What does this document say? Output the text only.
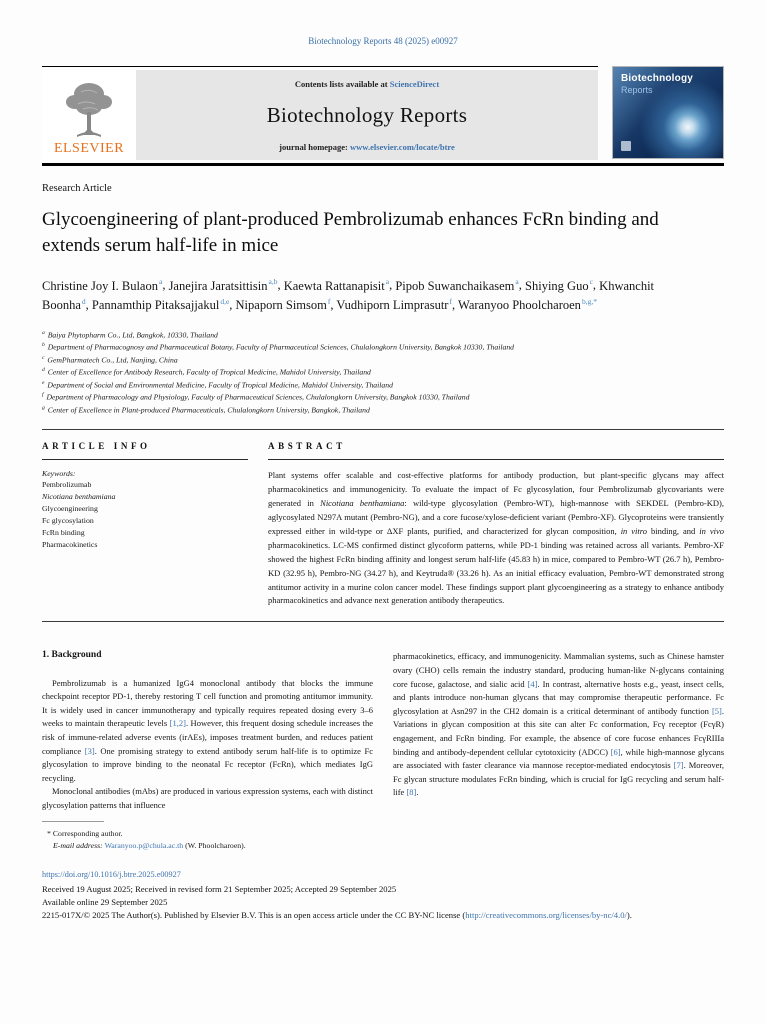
Biotechnology Reports 48 (2025) e00927
ELSEVIER
Contents lists available at ScienceDirect
Biotechnology Reports
journal homepage: www.elsevier.com/locate/btre
Biotechnology
Reports
Research Article
Glycoengineering of plant-produced Pembrolizumab enhances FcRn binding and extends serum half-life in mice
Christine Joy I. Bulaon$^a$, Janejira Jaratsittisin$^{a,b}$, Kaewta Rattanapisit$^a$, Pipob Suwanchaikasem$^a$, Shiying Guo$^c$, Khwanchit Boonha$^d$, Pannamthip Pitaksajjakul$^{d,e}$, Nipaporn Simsom$^f$, Vudhiporn Limprasutr$^f$, Waranyoo Phoolcharoen$^{b,g,*}$
$^a$ Baiya Phytopharm Co., Ltd, Bangkok, 10330, Thailand
$^b$ Department of Pharmacognosy and Pharmaceutical Botany, Faculty of Pharmaceutical Sciences, Chulalongkorn University, Bangkok 10330, Thailand
$^c$ GemPharmatech Co., Ltd, Nanjing, China
$^d$ Center of Excellence for Antibody Research, Faculty of Tropical Medicine, Mahidol University, Thailand
$^e$ Department of Social and Environmental Medicine, Faculty of Tropical Medicine, Mahidol University, Thailand
$^f$ Department of Pharmacology and Physiology, Faculty of Pharmaceutical Sciences, Chulalongkorn University, Bangkok 10330, Thailand
$^g$ Center of Excellence in Plant-produced Pharmaceuticals, Chulalongkorn University, Bangkok, Thailand
ARTICLE INFO
Keywords:
Pembrolizumab
Nicotiana benthamiana
Glycoengineering
Fc glycosylation
FcRn binding
Pharmacokinetics
ABSTRACT
Plant systems offer scalable and cost-effective platforms for antibody production, but plant-specific glycans may affect pharmacokinetics and immunogenicity. To evaluate the impact of Fc glycosylation, four Pembrolizumab glycovariants were generated in Nicotiana benthamiana: wild-type glycosylation (Pembro-WT), high-mannose with SEKDEL (Pembro-KD), aglycosylated N297A mutant (Pembro-NG), and a core fucose/xylose-deficient variant (Pembro-XF). Glycoproteins were transiently expressed either in wild-type or ΔXF plants, purified, and characterized for glycan composition, in vitro binding, and in vivo pharmacokinetics. LC-MS confirmed distinct glycoform patterns, while PD-1 binding was retained across all variants. Pembro-XF showed the highest FcRn binding affinity and longest serum half-life (45.83 h) in mice, compared to Pembro-WT (26.7 h), Pembro-KD (32.95 h), Pembro-NG (34.27 h), and Keytruda® (33.26 h). As an initial efficacy evaluation, Pembro-WT demonstrated strong antitumor activity in a murine colon cancer model. These findings support plant glycoengineering as a strategy to enhance antibody pharmacokinetics and advance next generation antibody therapeutics.
1. Background

Pembrolizumab is a humanized IgG4 monoclonal antibody that blocks the immune checkpoint receptor PD-1, thereby restoring T cell function and promoting antitumor immunity. It is widely used in cancer immunotherapy and typically requires repeated dosing every 3–6 weeks to maintain therapeutic levels [1,2]. However, this frequent dosing schedule increases the risk of immune-related adverse events (irAEs), imposes treatment burden, and reduces patient compliance [3]. One promising strategy to extend antibody serum half-life is to optimize Fc glycosylation to improve binding to the neonatal Fc receptor (FcRn), which mediates IgG recycling.

Monoclonal antibodies (mAbs) are produced in various expression systems, each with distinct glycosylation patterns that influence

pharmacokinetics, efficacy, and immunogenicity. Mammalian systems, such as Chinese hamster ovary (CHO) cells remain the industry standard, producing human-like N-glycans containing core fucose, galactose, and sialic acid [4]. In contrast, alternative hosts e.g., yeast, insect cells, and plants introduce non-human glycans that may compromise therapeutic performance. Fc glycosylation at Asn297 in the CH2 domain is a critical determinant of antibody function [5]. Variations in glycan composition at this site can alter Fc conformation, Fcγ receptor (FcγR) engagement, and FcRn binding. For example, the absence of core fucose enhances FcγRIIIa binding and antibody-dependent cellular cytotoxicity (ADCC) [6], while high-mannose glycans are associated with faster clearance via mannose receptor-mediated endocytosis [7]. Moreover, Fc glycan structure modulates FcRn binding, which is crucial for IgG recycling and serum half-life [8].

* Corresponding author.
E-mail address: Waranyoo.p@chula.ac.th (W. Phoolcharoen).
https://doi.org/10.1016/j.btre.2025.e00927
Received 19 August 2025; Received in revised form 21 September 2025; Accepted 29 September 2025
Available online 29 September 2025
2215-017X/© 2025 The Author(s). Published by Elsevier B.V. This is an open access article under the CC BY-NC license (http://creativecommons.org/licenses/by-nc/4.0/).
